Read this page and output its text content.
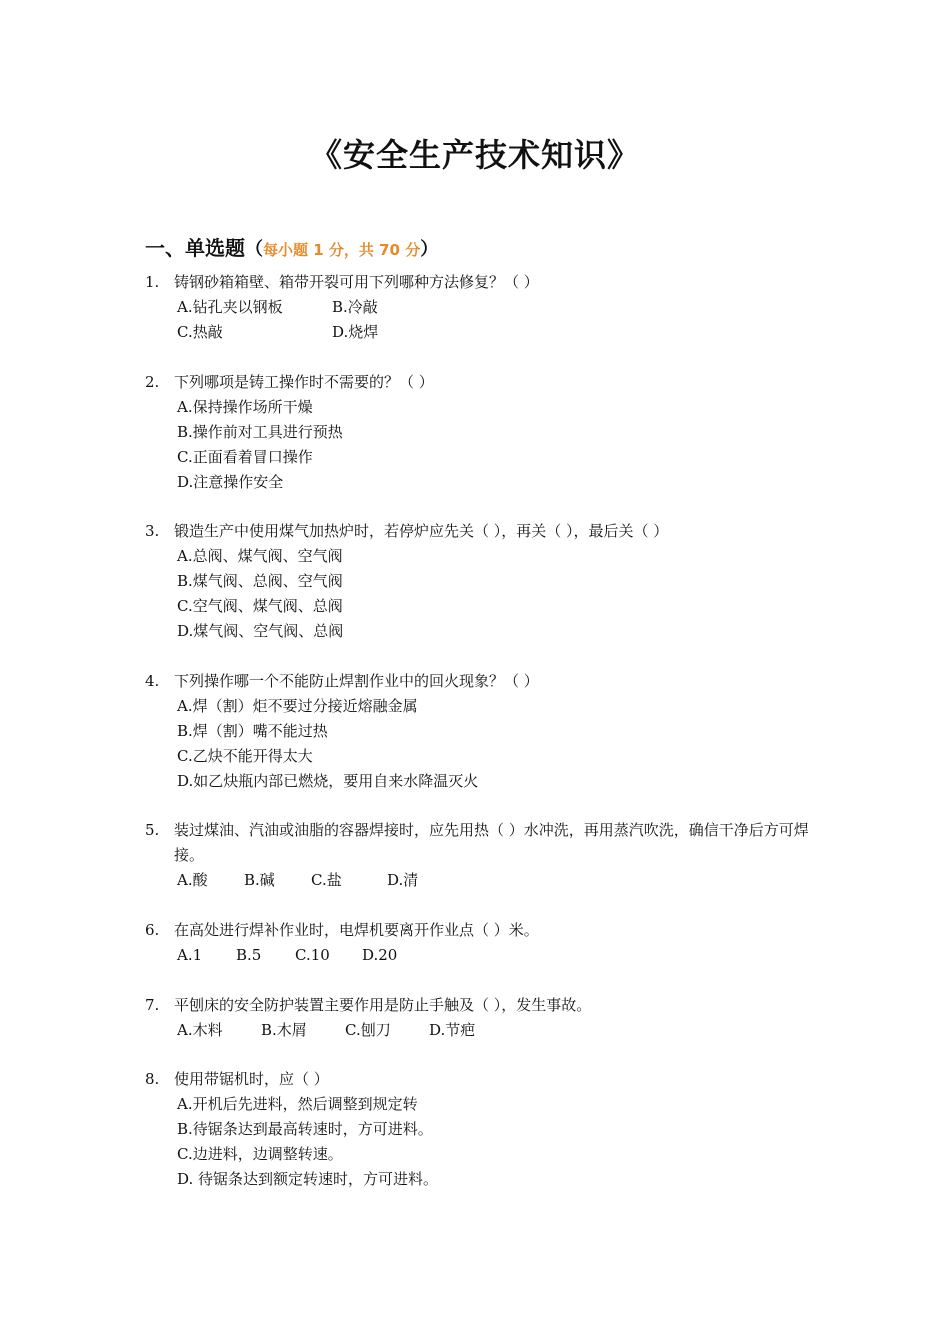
《安全生产技术知识》
一、单选题（每小题 1 分，共 70 分）
1. 铸钢砂箱箱壁、箱带开裂可用下列哪种方法修复？（ ）
A.钻孔夹以钢板	B.冷敲
C.热敲	D.烧焊
2. 下列哪项是铸工操作时不需要的？（ ）
A.保持操作场所干燥
B.操作前对工具进行预热
C.正面看着冒口操作
D.注意操作安全
3. 锻造生产中使用煤气加热炉时，若停炉应先关（ ），再关（ ），最后关（ ）
A.总阀、煤气阀、空气阀
B.煤气阀、总阀、空气阀
C.空气阀、煤气阀、总阀
D.煤气阀、空气阀、总阀
4. 下列操作哪一个不能防止焊割作业中的回火现象？（ ）
A.焊（割）炬不要过分接近熔融金属
B.焊（割）嘴不能过热
C.乙炔不能开得太大
D.如乙炔瓶内部已燃烧，要用自来水降温灭火
5. 装过煤油、汽油或油脂的容器焊接时，应先用热（ ）水冲洗，再用蒸汽吹洗，确信干净后方可焊接。
A.酸	B.碱	C.盐	D.清
6. 在高处进行焊补作业时，电焊机要离开作业点（ ）米。
A.1	B.5	C.10	D.20
7. 平刨床的安全防护装置主要作用是防止手触及（ ），发生事故。
A.木料	B.木屑	C.刨刀	D.节疤
8. 使用带锯机时，应（ ）
A.开机后先进料，然后调整到规定转
B.待锯条达到最高转速时，方可进料。
C.边进料，边调整转速。
D. 待锯条达到额定转速时，方可进料。
